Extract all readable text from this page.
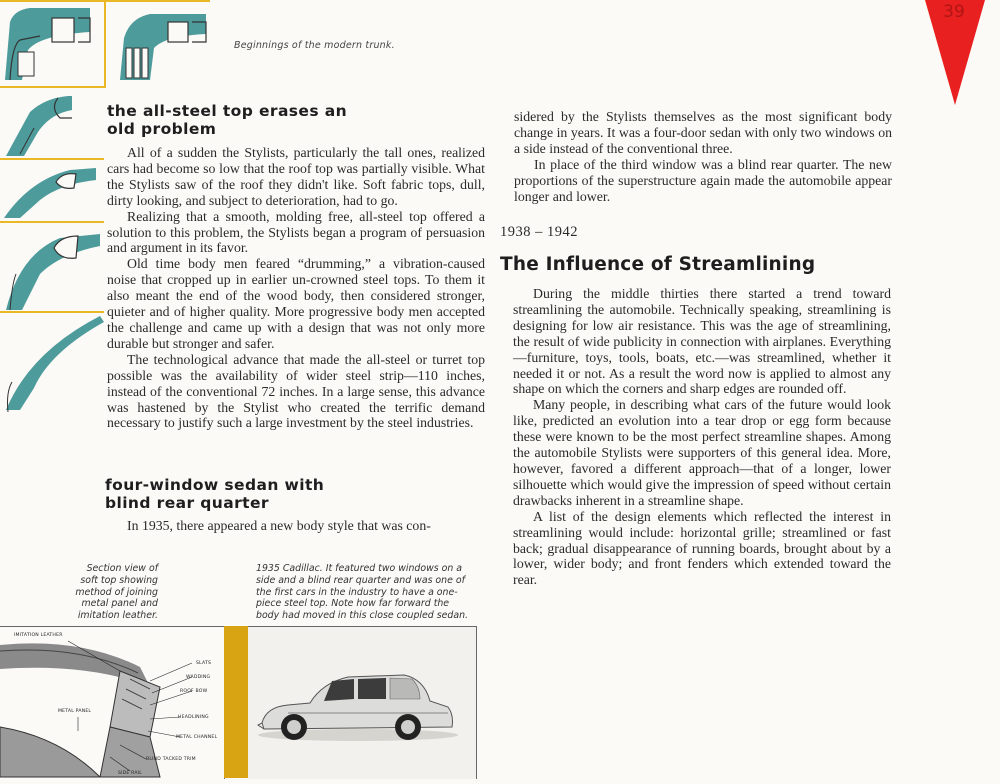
Beginnings of the modern trunk.
39
the all-steel top erases an
old problem

All of a sudden the Stylists, particularly the tall ones, realized cars had become so low that the roof top was partially visible. What the Stylists saw of the roof they didn't like. Soft fabric tops, dull, dirty looking, and subject to deterioration, had to go.

Realizing that a smooth, molding free, all-steel top offered a solution to this problem, the Stylists began a program of persuasion and argument in its favor.

Old time body men feared “drumming,” a vibration-caused noise that cropped up in earlier un-crowned steel tops. To them it also meant the end of the wood body, then considered stronger, quieter and of higher quality. More progressive body men accepted the challenge and came up with a design that was not only more durable but stronger and safer.

The technological advance that made the all-steel or turret top possible was the availability of wider steel strip—110 inches, instead of the conventional 72 inches. In a large sense, this advance was hastened by the Stylist who created the terrific demand necessary to justify such a large investment by the steel industries.

four-window sedan with
blind rear quarter

In 1935, there appeared a new body style that was con-

sidered by the Stylists themselves as the most significant body change in years. It was a four-door sedan with only two windows on a side instead of the conventional three.

In place of the third window was a blind rear quarter. The new proportions of the superstructure again made the automobile appear longer and lower.

1938 – 1942
The Influence of Streamlining

During the middle thirties there started a trend toward streamlining the automobile. Technically speaking, streamlining is designing for low air resistance. This was the age of streamlining, the result of wide publicity in connection with airplanes. Everything—furniture, toys, tools, boats, etc.—was streamlined, whether it needed it or not. As a result the word now is applied to almost any shape on which the corners and sharp edges are rounded off.

Many people, in describing what cars of the future would look like, predicted an evolution into a tear drop or egg form because these were known to be the most perfect streamline shapes. Among the automobile Stylists were supporters of this general idea. More, however, favored a different approach—that of a longer, lower silhouette which would give the impression of speed without certain drawbacks inherent in a streamline shape.

A list of the design elements which reflected the interest in streamlining would include: horizontal grille; streamlined or fast back; gradual disappearance of running boards, brought about by a lower, wider body; and front fenders which extended toward the rear.

Section view of
soft top showing
method of joining
metal panel and
imitation leather.
1935 Cadillac. It featured two windows on a
side and a blind rear quarter and was one of
the first cars in the industry to have a one-
piece steel top. Note how far forward the
body had moved in this close coupled sedan.
IMITATION LEATHER
SLATS
WADDING
ROOF BOW
METAL PANEL
HEADLINING
METAL CHANNEL
BLIND TACKED TRIM
SIDE RAIL
